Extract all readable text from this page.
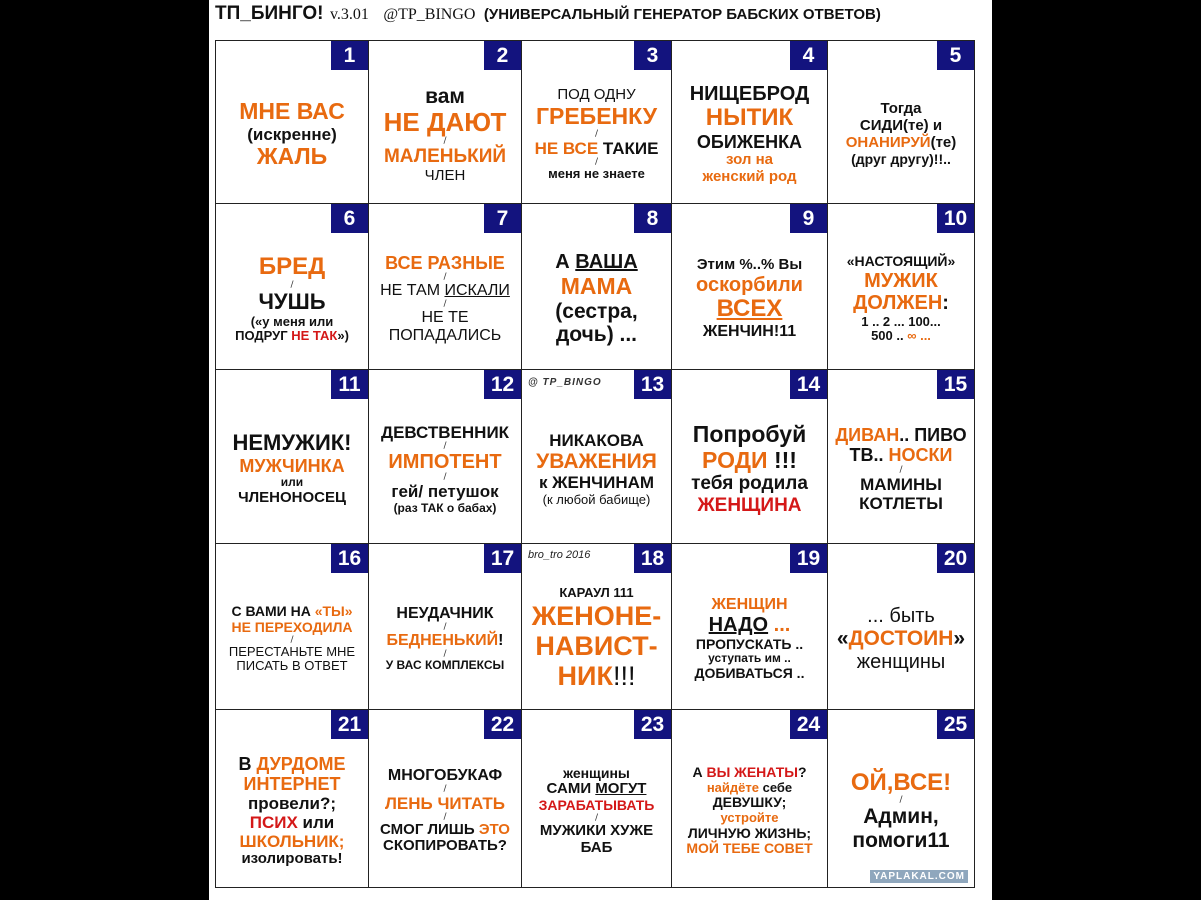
ТП_БИНГО! v.3.01 @TP_BINGO (УНИВЕРСАЛЬНЫЙ ГЕНЕРАТОР БАБСКИХ ОТВЕТОВ)
1
МНЕ ВАС
(искренне)
ЖАЛЬ
2
вам
НЕ ДАЮТ
/
МАЛЕНЬКИЙ
ЧЛЕН
3
ПОД ОДНУ
ГРЕБЕНКУ
/
НЕ ВСЕ ТАКИЕ
/
меня не знаете
4
НИЩЕБРОД
НЫТИК
ОБИЖЕНКА
зол на
женский род
5
Тогда
СИДИ(те) и
ОНАНИРУЙ(те)
(друг другу)!!..
6
БРЕД
/
ЧУШЬ
(«у меня или
ПОДРУГ НЕ ТАК»)
7
ВСЕ РАЗНЫЕ
/
НЕ ТАМ ИСКАЛИ
/
НЕ ТЕ
ПОПАДАЛИСЬ
8
А ВАША
МАМА
(сестра,
дочь) ...
9
Этим %..% Вы
оскорбили
ВСЕХ
ЖЕНЧИН!11
10
«НАСТОЯЩИЙ»
МУЖИК
ДОЛЖЕН:
1 .. 2 ... 100...
500 .. ∞ ...
11
НЕМУЖИК!
МУЖЧИНКА
или
ЧЛЕНОНОСЕЦ
12
ДЕВСТВЕННИК
/
ИМПОТЕНТ
/
гей/ петушок
(раз ТАК о бабах)
13
@ TP_BINGO
НИКАКОВА
УВАЖЕНИЯ
к ЖЕНЧИНАМ
(к любой бабище)
14
Попробуй
РОДИ !!!
тебя родила
ЖЕНЩИНА
15
ДИВАН.. ПИВО
ТВ.. НОСКИ
/
МАМИНЫ
КОТЛЕТЫ
16
С ВАМИ НА «ТЫ»
НЕ ПЕРЕХОДИЛА
/
ПЕРЕСТАНЬТЕ МНЕ
ПИСАТЬ В ОТВЕТ
17
НЕУДАЧНИК
/
БЕДНЕНЬКИЙ!
/
У ВАС КОМПЛЕКСЫ
18
bro_tro 2016
КАРАУЛ 111
ЖЕНОНЕ-
НАВИСТ-
НИК!!!
19
ЖЕНЩИН
НАДО ...
ПРОПУСКАТЬ ..
уступать им ..
ДОБИВАТЬСЯ ..
20
... быть
«ДОСТОИН»
женщины
21
В ДУРДОМЕ
ИНТЕРНЕТ
провели?;
ПСИХ или
ШКОЛЬНИК;
изолировать!
22
МНОГОБУКАФ
/
ЛЕНЬ ЧИТАТЬ
/
СМОГ ЛИШЬ ЭТО
СКОПИРОВАТЬ?
23
женщины
САМИ МОГУТ
ЗАРАБАТЫВАТЬ
/
МУЖИКИ ХУЖЕ
БАБ
24
А ВЫ ЖЕНАТЫ?
найдёте себе
ДЕВУШКУ;
устройте
ЛИЧНУЮ ЖИЗНЬ;
МОЙ ТЕБЕ СОВЕТ
25
ОЙ,ВСЕ!
/
Админ,
помоги11
YAPLAKAL.COM
